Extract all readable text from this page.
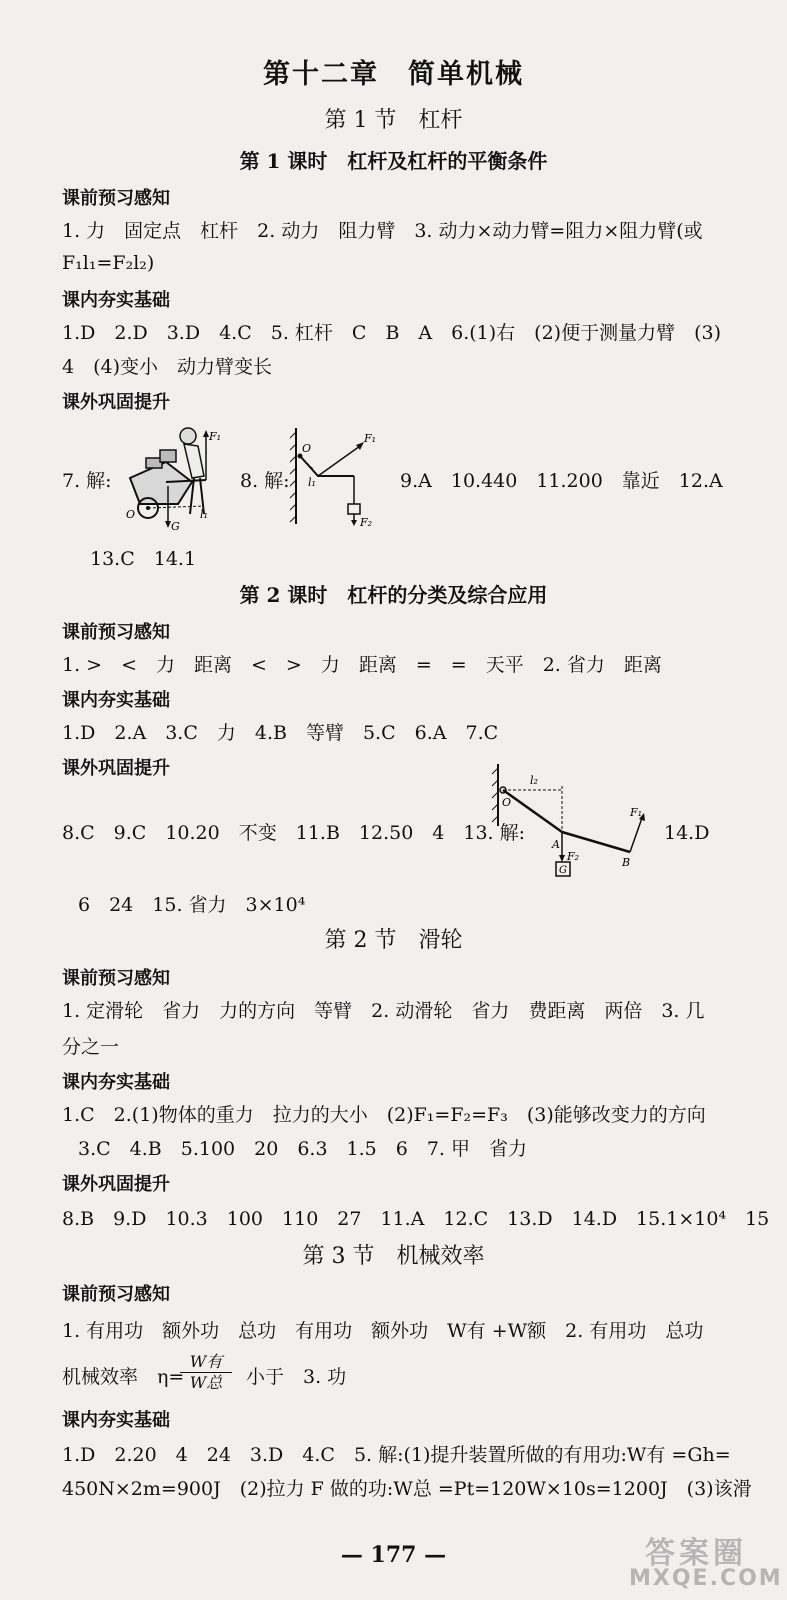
第十二章　简单机械
第 1 节　杠杆
第 1 课时　杠杆及杠杆的平衡条件
课前预习感知
1. 力　固定点　杠杆　2. 动力　阻力臂　3. 动力×动力臂=阻力×阻力臂(或
F₁l₁=F₂l₂)
课内夯实基础
1.D　2.D　3.D　4.C　5. 杠杆　C　B　A　6.(1)右　(2)便于测量力臂　(3)
4　(4)变小　动力臂变长
课外巩固提升
7. 解:
F₁
O	l₁
G
8. 解:
O
F₁
l₁
F₂
9.A　10.440　11.200　靠近　12.A
13.C　14.1
第 2 课时　杠杆的分类及综合应用
课前预习感知
1. >　<　力　距离　<　>　力　距离　=　=　天平　2. 省力　距离
课内夯实基础
1.D　2.A　3.C　力　4.B　等臂　5.C　6.A　7.C
课外巩固提升
8.C　9.C　10.20　不变　11.B　12.50　4　13. 解:
l₂
O
A
F₁
F₂	B
G
14.D
6　24　15. 省力　3×10⁴
第 2 节　滑轮
课前预习感知
1. 定滑轮　省力　力的方向　等臂　2. 动滑轮　省力　费距离　两倍　3. 几
分之一
课内夯实基础
1.C　2.(1)物体的重力　拉力的大小　(2)F₁=F₂=F₃　(3)能够改变力的方向
3.C　4.B　5.100　20　6.3　1.5　6　7. 甲　省力
课外巩固提升
8.B　9.D　10.3　100　110　27　11.A　12.C　13.D　14.D　15.1×10⁴　15
第 3 节　机械效率
课前预习感知
1. 有用功　额外功　总功　有用功　额外功　W有 +W额　2. 有用功　总功
机械效率　η=
W有
W总	小于　3. 功
课内夯实基础
1.D　2.20　4　24　3.D　4.C　5. 解:(1)提升装置所做的有用功:W有 =Gh=
450N×2m=900J　(2)拉力 F 做的功:W总 =Pt=120W×10s=1200J　(3)该滑
— 177 —	答案圈
MXQE.COM
